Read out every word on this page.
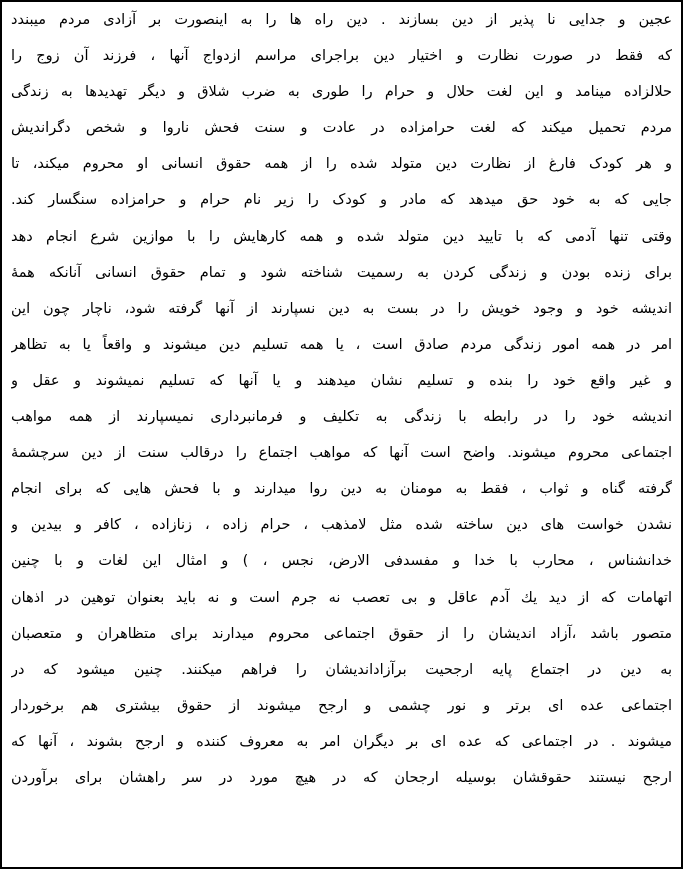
عجین و جدایی نا پذیر از دین بسازند . دین راه ها را به اینصورت بر آزادی مردم میبندد
که فقط در صورت نظارت و اختیار دین براجرای مراسم ازدواج آنها ، فرزند آن زوج را
حلالزاده مینامد و این لغت حلال و حرام را طوری به ضرب شلاق و دیگر تهدیدها به زندگی
مردم تحمیل میکند که لغت حرامزاده در عادت و سنت فحش ناروا و شخص دگراندیش
و هر کودک فارغ از نظارت دین متولد شده را از همه حقوق انسانی او محروم میکند، تا
جایی که به خود حق میدهد که مادر و کودک را زیر نام حرام و حرامزاده سنگسار کند.
وقتی تنها آدمی که با تایید دین متولد شده و همه کارهایش را با موازین شرع انجام دهد
برای زنده بودن و زندگی کردن به رسمیت شناخته شود و تمام حقوق انسانی آنانکه همهٔ
اندیشه خود و وجود خویش را در بست به دین نسپارند از آنها گرفته شود، ناچار چون این
امر در همه امور زندگی مردم صادق است ، یا همه تسلیم دین میشوند و واقعاً یا به تظاهر
و غیر واقع خود را بنده و تسلیم نشان میدهند و یا آنها که تسلیم نمیشوند و عقل و
اندیشه خود را در رابطه با زندگی به تکلیف و فرمانبرداری نمیسپارند از همه مواهب
اجتماعی محروم میشوند. واضح است آنها که مواهب اجتماع را درقالب سنت از دین سرچشمهٔ
گرفته گناه و ثواب ، فقط به مومنان به دین روا میدارند و با فحش هایی که برای انجام
نشدن خواست های دین ساخته شده مثل لامذهب ، حرام زاده ، زنازاده ، کافر و بیدین و
خدانشناس ، محارب با خدا و مفسدفی الارض، نجس ، ) و امثال این لغات و با چنین
اتهامات که از دید یك آدم عاقل و بی تعصب نه جرم است و نه باید بعنوان توهین در اذهان
متصور باشد ،آزاد اندیشان را از حقوق اجتماعی محروم میدارند برای متظاهران و متعصبان
به دین در اجتماع پایه ارجحیت برآزاداندیشان را فراهم میکنند. چنین میشود که در
اجتماعی عده ای برتر و نور چشمی و ارجح میشوند از حقوق بیشتری هم برخوردار
میشوند . در اجتماعی که عده ای بر دیگران امر به معروف کننده و ارجح بشوند ، آنها که
ارجح نیستند حقوقشان بوسیله ارجحان که در هیچ مورد در سر راهشان برای برآوردن
